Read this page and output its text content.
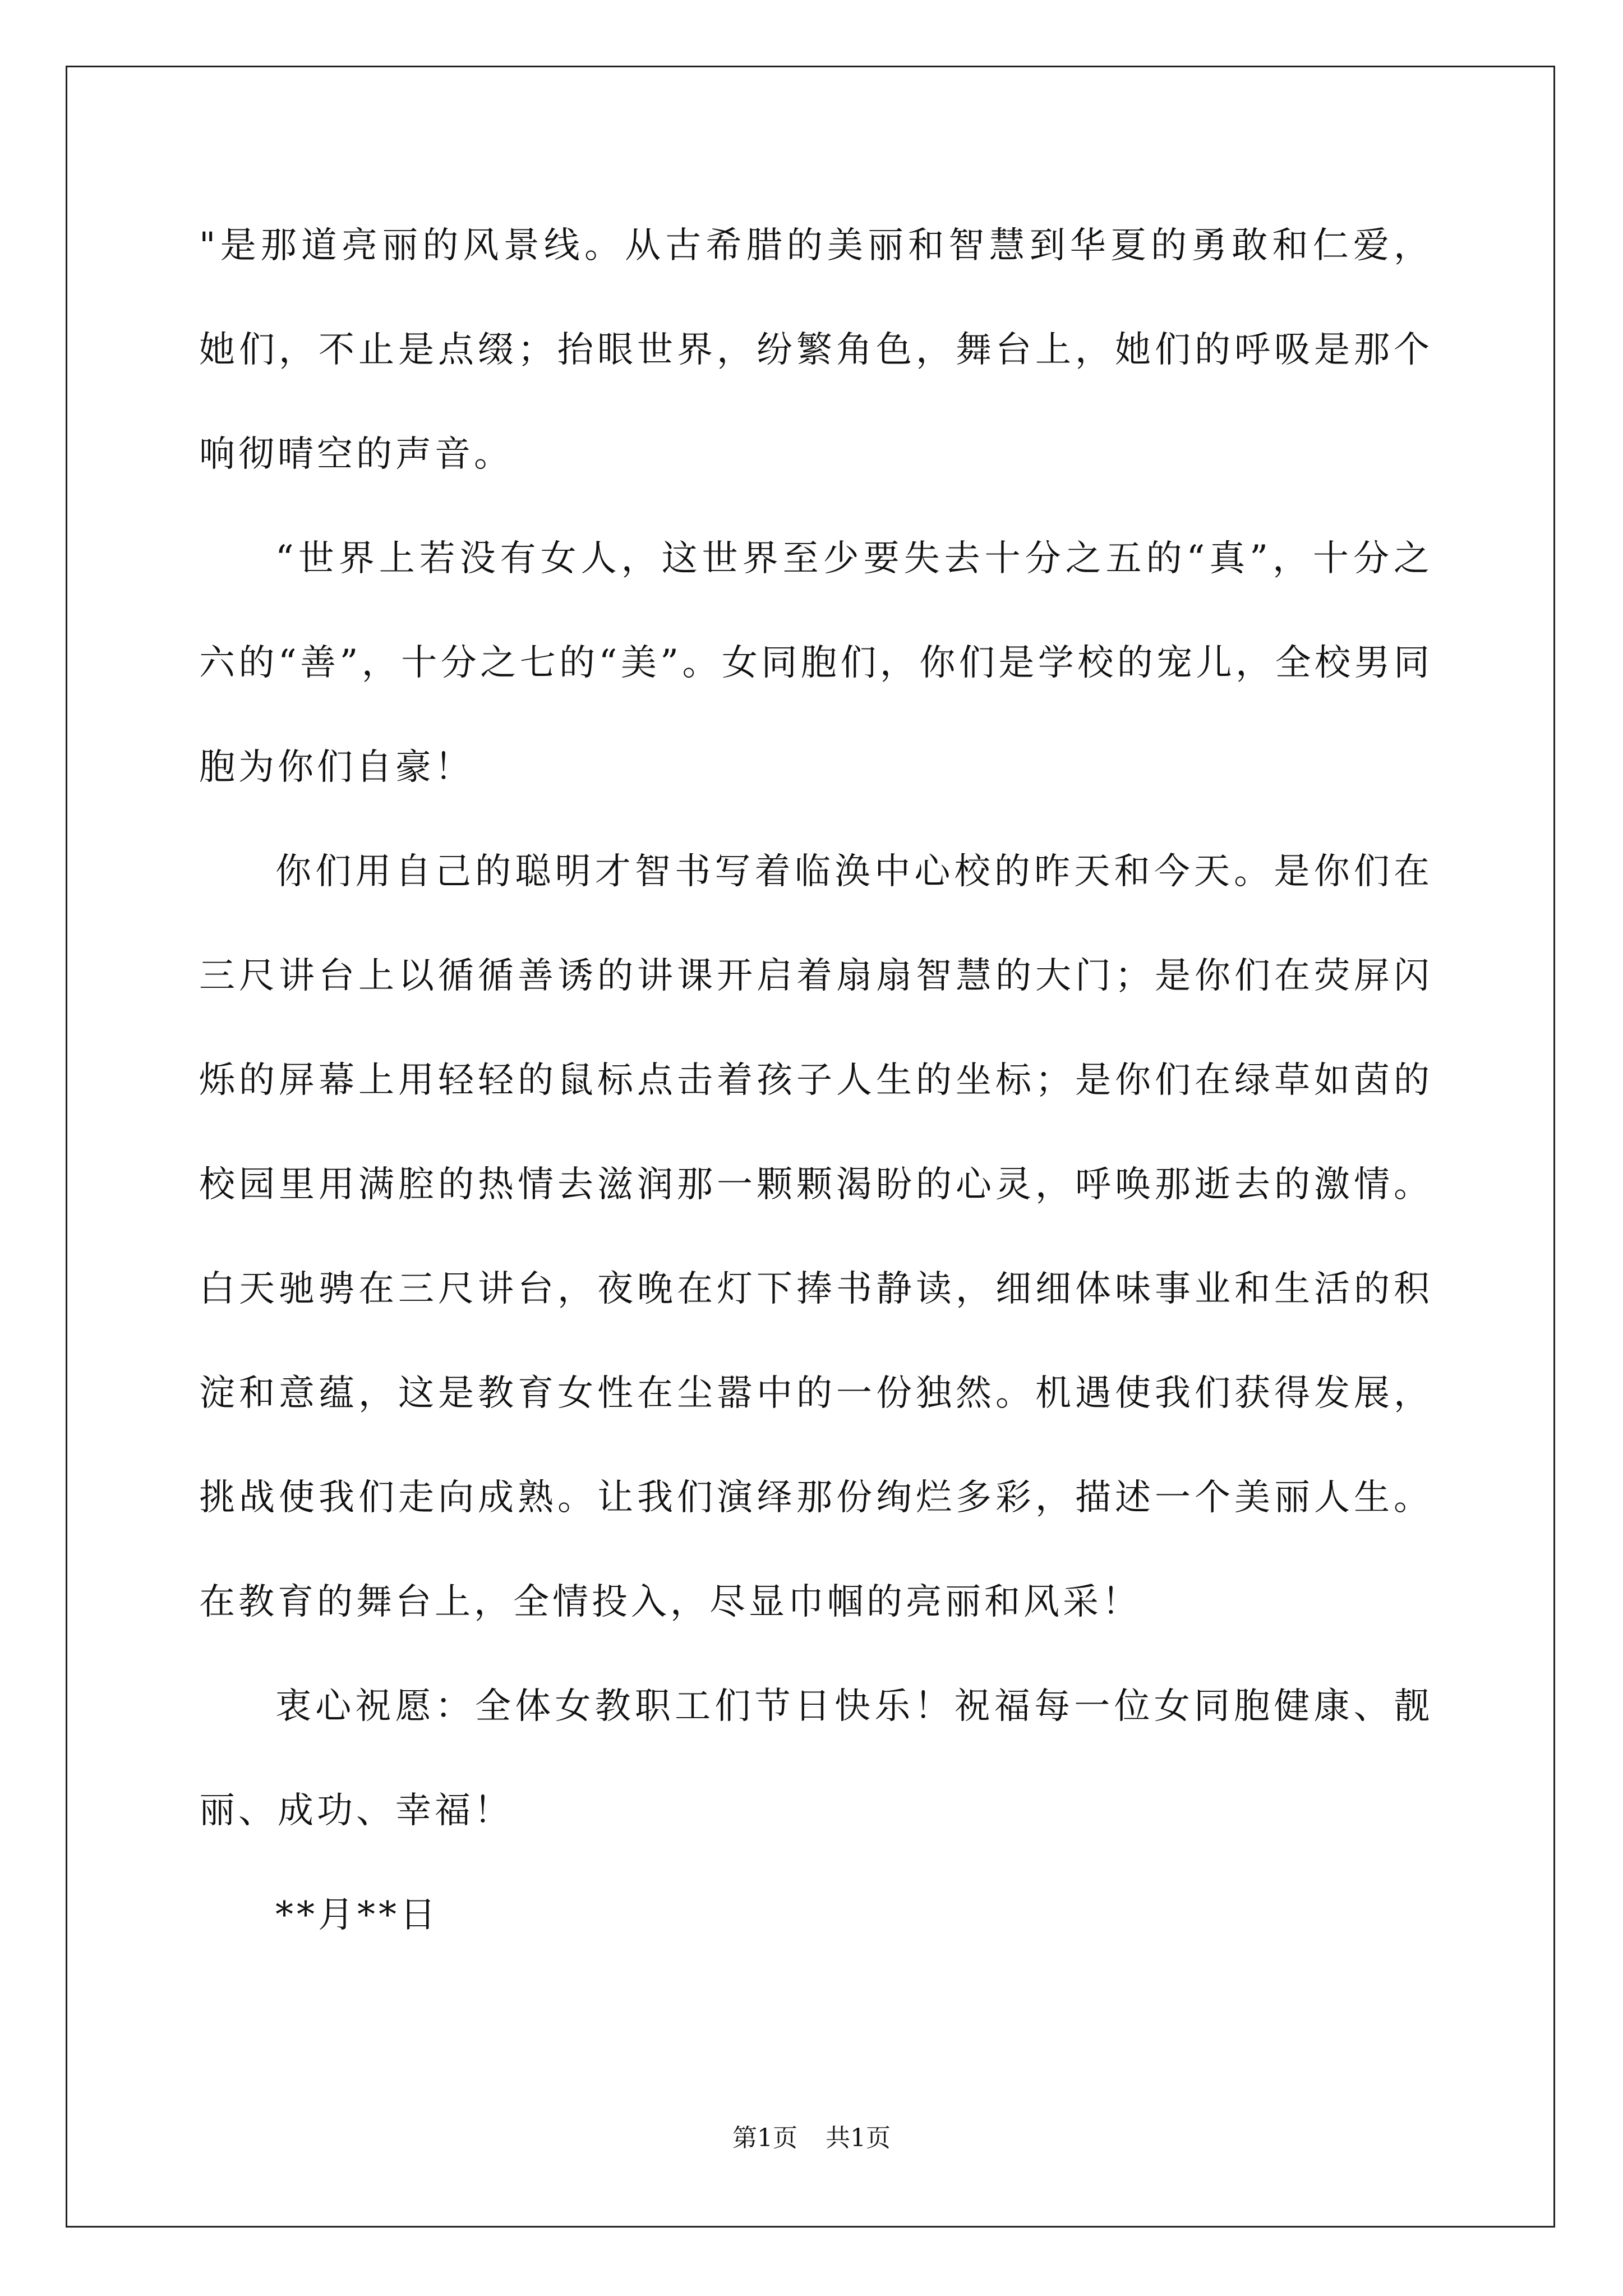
"是那道亮丽的风景线。从古希腊的美丽和智慧到华夏的勇敢和仁爱，她们，不止是点缀；抬眼世界，纷繁角色，舞台上，她们的呼吸是那个响彻晴空的声音。

“世界上若没有女人，这世界至少要失去十分之五的“真”，十分之六的“善”，十分之七的“美”。女同胞们，你们是学校的宠儿，全校男同胞为你们自豪！

你们用自己的聪明才智书写着临涣中心校的昨天和今天。是你们在三尺讲台上以循循善诱的讲课开启着扇扇智慧的大门；是你们在荧屏闪烁的屏幕上用轻轻的鼠标点击着孩子人生的坐标；是你们在绿草如茵的校园里用满腔的热情去滋润那一颗颗渴盼的心灵，呼唤那逝去的激情。白天驰骋在三尺讲台，夜晚在灯下捧书静读，细细体味事业和生活的积淀和意蕴，这是教育女性在尘嚣中的一份独然。机遇使我们获得发展，挑战使我们走向成熟。让我们演绎那份绚烂多彩，描述一个美丽人生。在教育的舞台上，全情投入，尽显巾帼的亮丽和风采！

衷心祝愿：全体女教职工们节日快乐！祝福每一位女同胞健康、靓丽、成功、幸福！

**月**日

第1页 共1页
